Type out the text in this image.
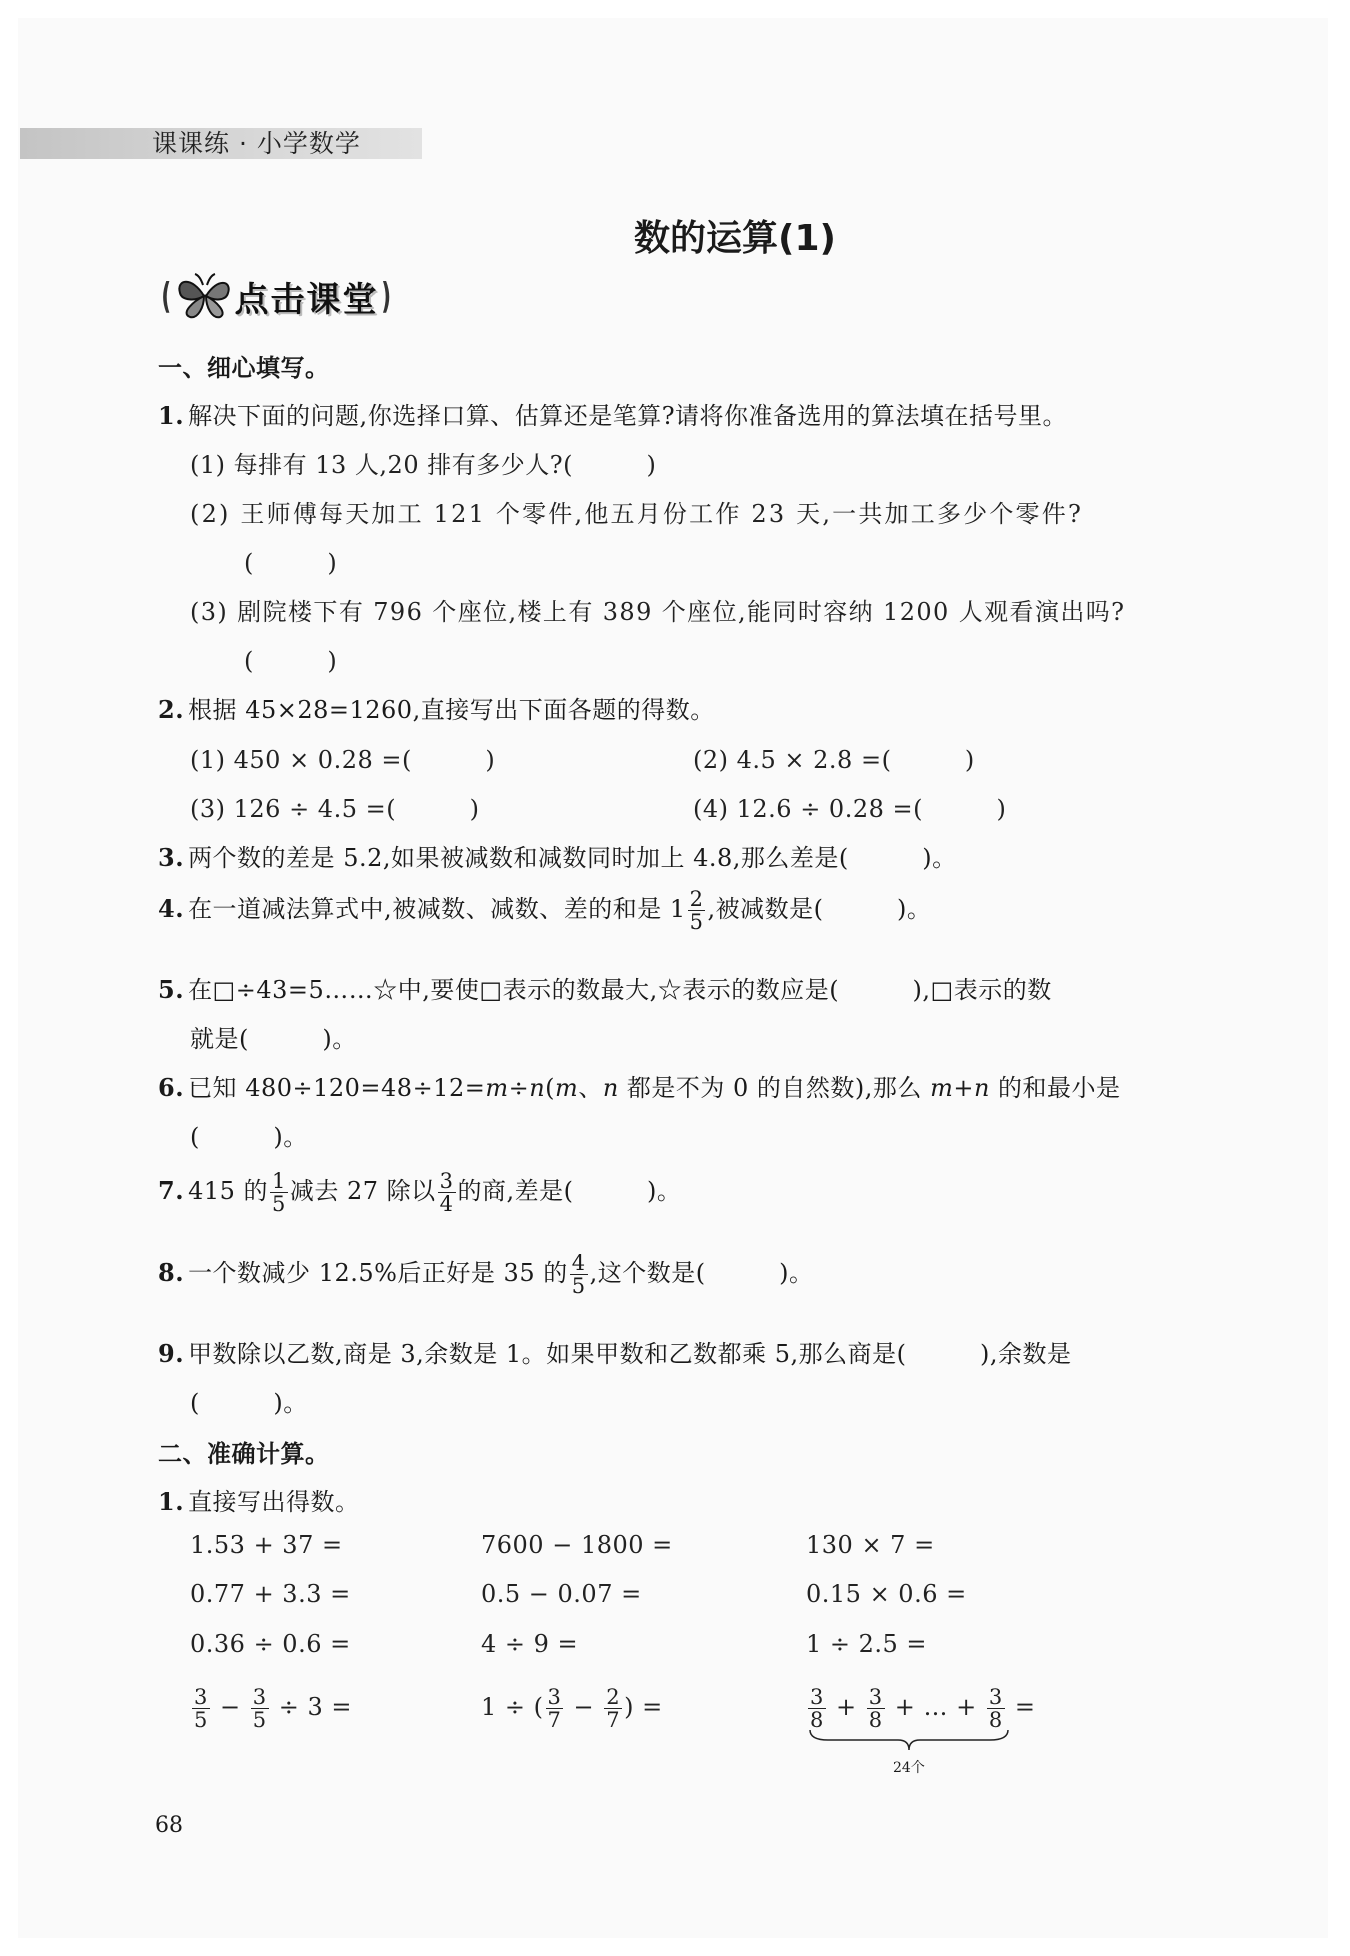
课课练 · 小学数学
数的运算(1)
( 点击课堂 )
一、细心填写。
1. 解决下面的问题,你选择口算、估算还是笔算?请将你准备选用的算法填在括号里。
(1) 每排有 13 人,20 排有多少人?(　　　)
(2) 王师傅每天加工 121 个零件,他五月份工作 23 天,一共加工多少个零件?
(　　　)
(3) 剧院楼下有 796 个座位,楼上有 389 个座位,能同时容纳 1200 人观看演出吗?
(　　　)
2. 根据 45×28=1260,直接写出下面各题的得数。
(1) 450 × 0.28 =(　　　)	(2) 4.5 × 2.8 =(　　　)
(3) 126 ÷ 4.5 =(　　　)	(4) 12.6 ÷ 0.28 =(　　　)
3. 两个数的差是 5.2,如果被减数和减数同时加上 4.8,那么差是(　　　)。
4. 在一道减法算式中,被减数、减数、差的和是 $1 \frac{2}{5}$ ,被减数是(　　　)。
5. 在□÷43=5……☆中,要使□表示的数最大,☆表示的数应是(　　　),□表示的数
就是(　　　)。
6. 已知 480÷120=48÷12=m÷n(m、n 都是不为 0 的自然数),那么 m+n 的和最小是
(　　　)。
7. 415 的 $\frac{1}{5}$ 减去 27 除以 $\frac{3}{4}$ 的商,差是(　　　)。
8. 一个数减少 12.5%后正好是 35 的 $\frac{4}{5}$ ,这个数是(　　　)。
9. 甲数除以乙数,商是 3,余数是 1。如果甲数和乙数都乘 5,那么商是(　　　),余数是
(　　　)。
二、准确计算。
1. 直接写出得数。
1.53 + 37 =	7600 − 1800 =	130 × 7 =
0.77 + 3.3 =	0.5 − 0.07 =	0.15 × 0.6 =
0.36 ÷ 0.6 =	4 ÷ 9 =	1 ÷ 2.5 =
$\frac{3}{5} - \frac{3}{5} \div 3$ =	1 ÷ ( $\frac{3}{7} - \frac{2}{7}$ ) =	$\frac{3}{8} + \frac{3}{8}$ + … + $\frac{3}{8}$ =
24个
68
